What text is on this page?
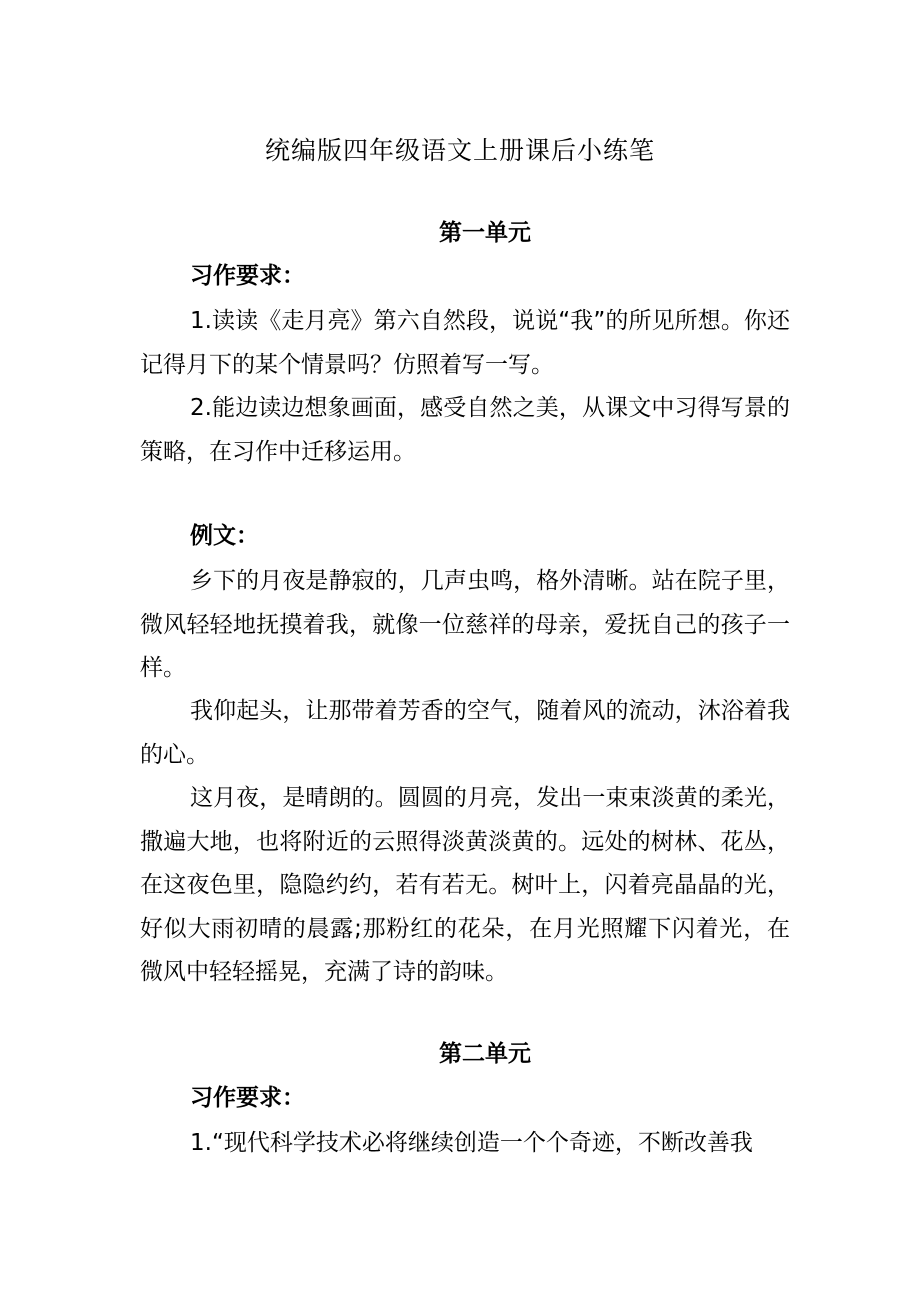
统编版四年级语文上册课后小练笔
第一单元
习作要求：

1.读读《走月亮》第六自然段，说说“我”的所见所想。你还记得月下的某个情景吗？仿照着写一写。

2.能边读边想象画面，感受自然之美，从课文中习得写景的策略，在习作中迁移运用。

例文：

乡下的月夜是静寂的，几声虫鸣，格外清晰。站在院子里，微风轻轻地抚摸着我，就像一位慈祥的母亲，爱抚自己的孩子一样。

我仰起头，让那带着芳香的空气，随着风的流动，沐浴着我的心。

这月夜，是晴朗的。圆圆的月亮，发出一束束淡黄的柔光，撒遍大地，也将附近的云照得淡黄淡黄的。远处的树林、花丛，在这夜色里，隐隐约约，若有若无。树叶上，闪着亮晶晶的光，好似大雨初晴的晨露;那粉红的花朵，在月光照耀下闪着光，在微风中轻轻摇晃，充满了诗的韵味。

第二单元
习作要求：

1.“现代科学技术必将继续创造一个个奇迹，不断改善我
